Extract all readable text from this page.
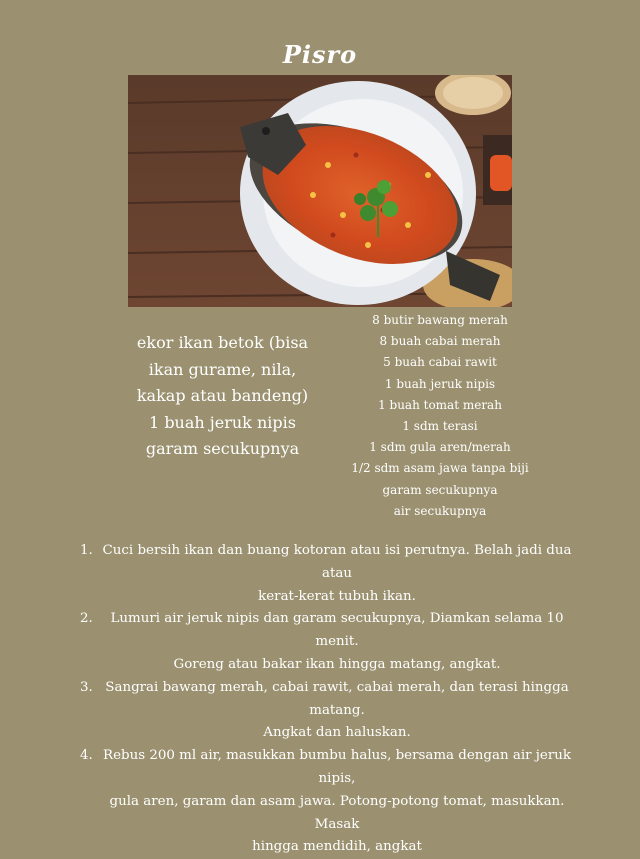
Pisro
ekor ikan betok (bisa
ikan gurame, nila,
kakap atau bandeng)
1 buah jeruk nipis
garam secukupnya
8 butir bawang merah
8 buah cabai merah
5 buah cabai rawit
1 buah jeruk nipis
1 buah tomat merah
1 sdm terasi
1 sdm gula aren/merah
1/2 sdm asam jawa tanpa biji
garam secukupnya
air secukupnya
1. Cuci bersih ikan dan buang kotoran atau isi perutnya. Belah jadi dua atau
kerat-kerat tubuh ikan.
2.	Lumuri air jeruk nipis dan garam secukupnya, Diamkan selama 10 menit.
Goreng atau bakar ikan hingga matang, angkat.
3. Sangrai bawang merah, cabai rawit, cabai merah, dan terasi hingga matang.
Angkat dan haluskan.
4. Rebus 200 ml air, masukkan bumbu halus, bersama dengan air jeruk nipis,
gula aren, garam dan asam jawa. Potong-potong tomat, masukkan. Masak
hingga mendidih, angkat
